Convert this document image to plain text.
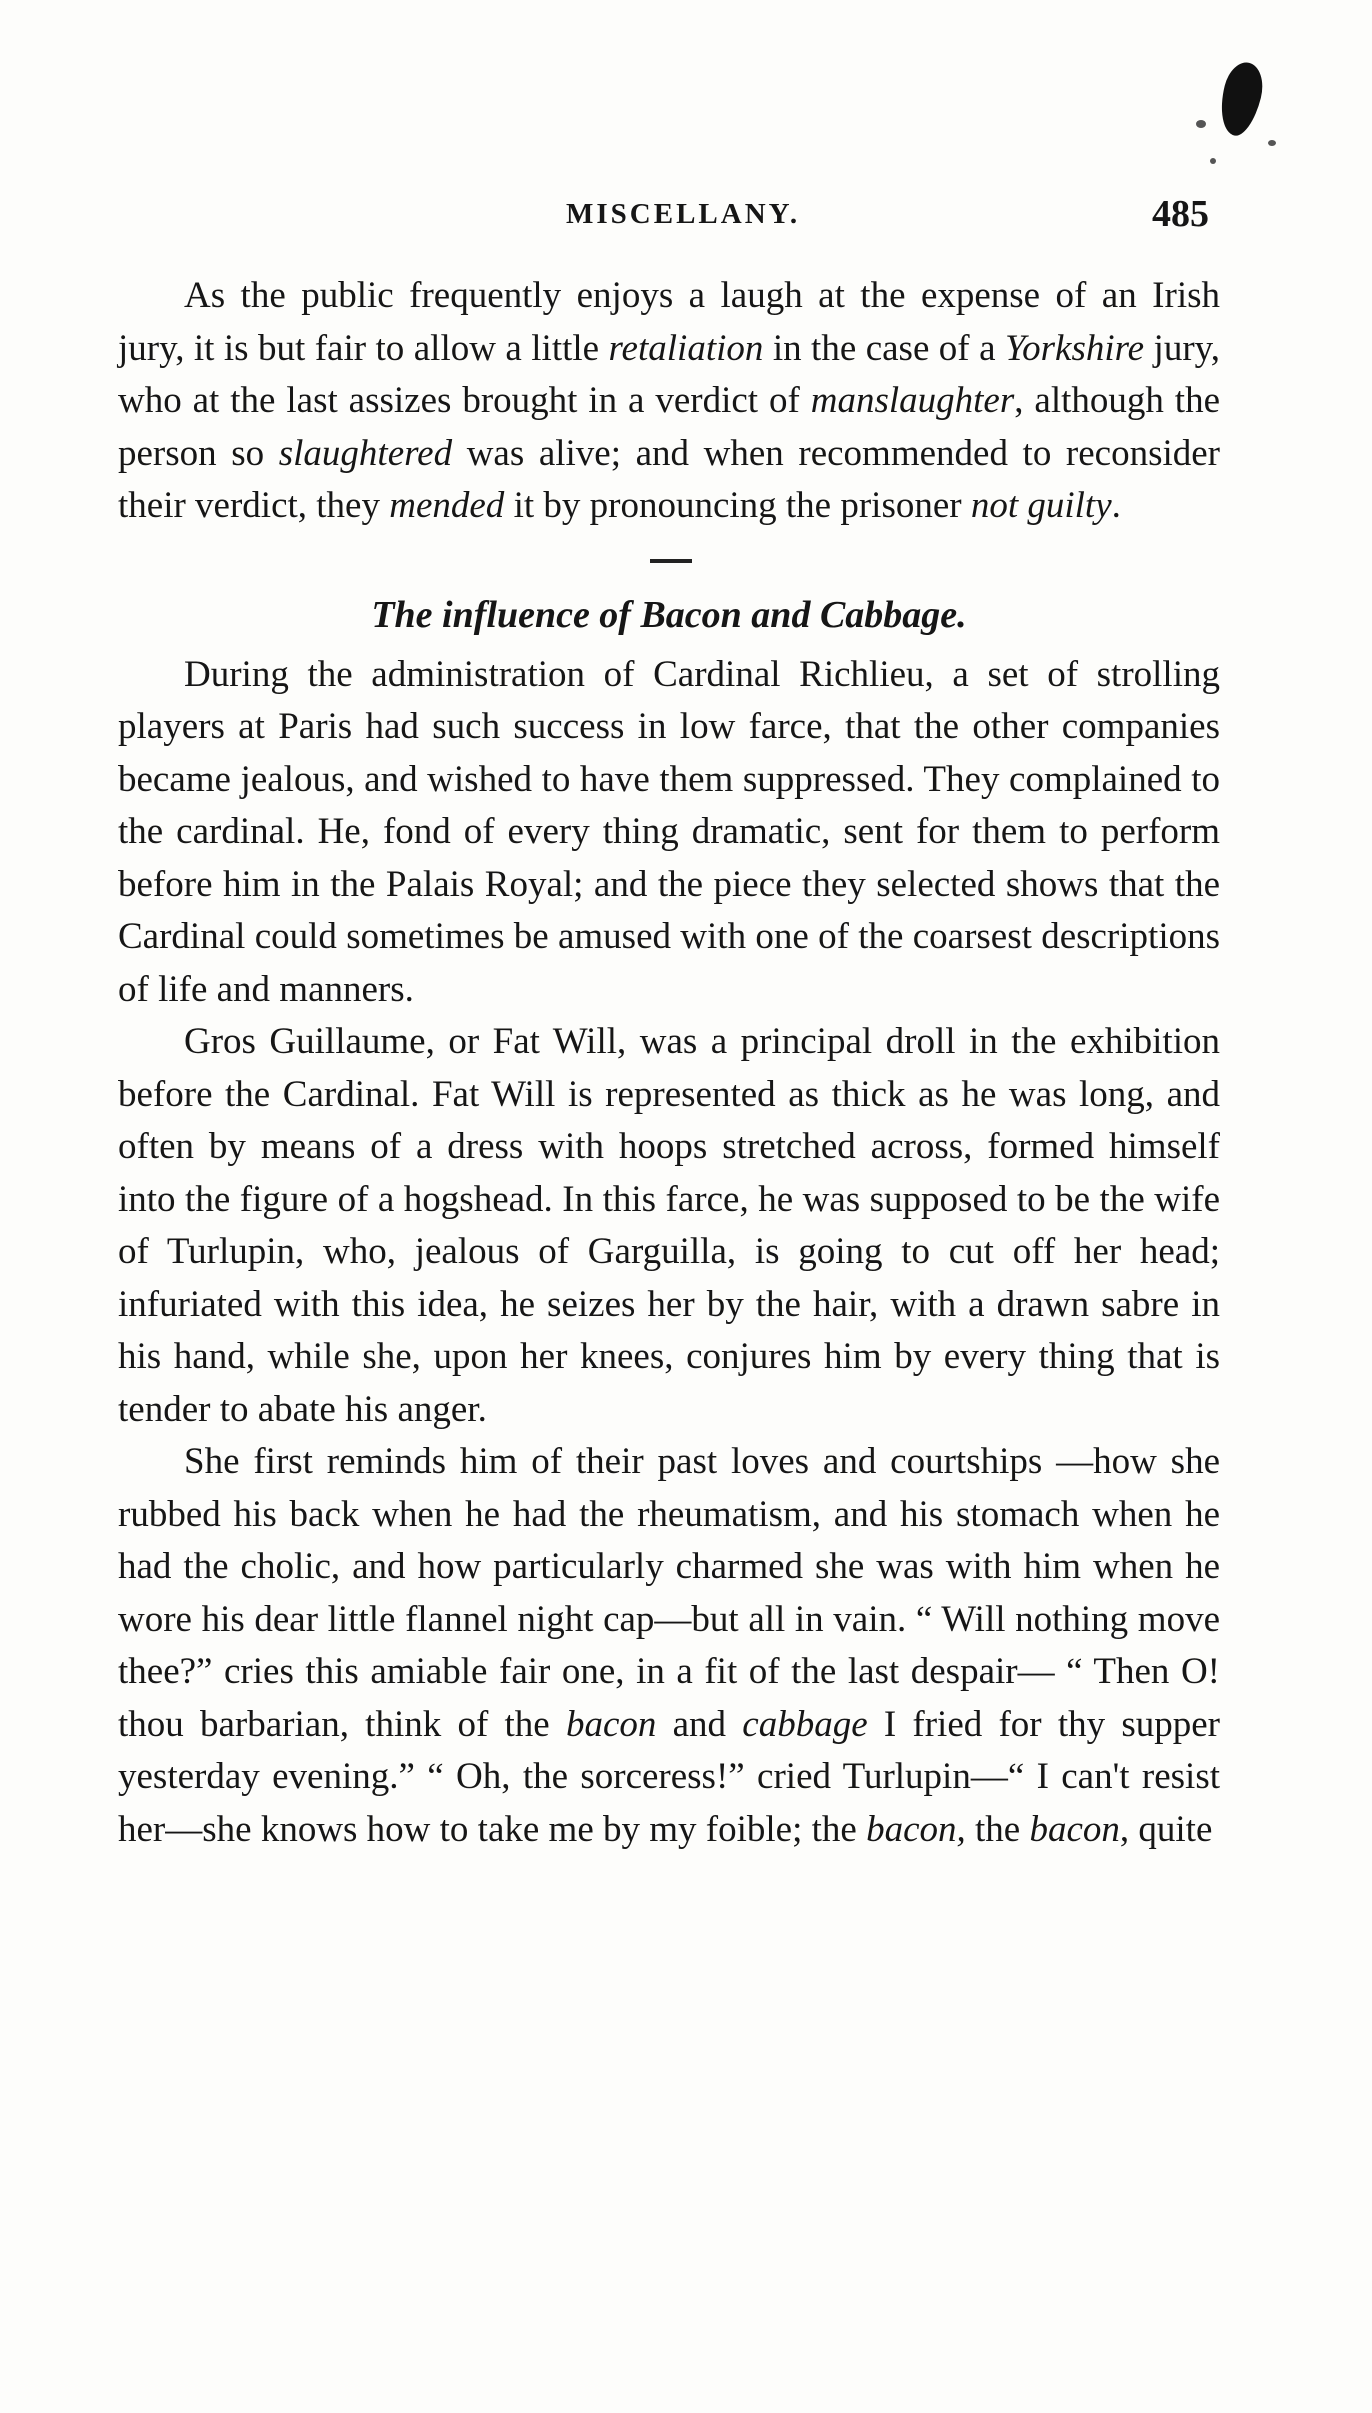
MISCELLANY.	485

As the public frequently enjoys a laugh at the expense of an Irish jury, it is but fair to allow a little retaliation in the case of a Yorkshire jury, who at the last assizes brought in a verdict of manslaughter, although the person so slaughtered was alive; and when recommended to reconsider their verdict, they mended it by pronouncing the prisoner not guilty.

The influence of Bacon and Cabbage.

During the administration of Cardinal Richlieu, a set of strolling players at Paris had such success in low farce, that the other companies became jealous, and wished to have them suppressed. They complained to the cardinal. He, fond of every thing dramatic, sent for them to perform before him in the Palais Royal; and the piece they selected shows that the Cardinal could sometimes be amused with one of the coarsest descriptions of life and manners.

Gros Guillaume, or Fat Will, was a principal droll in the exhibition before the Cardinal. Fat Will is represented as thick as he was long, and often by means of a dress with hoops stretched across, formed himself into the figure of a hogshead. In this farce, he was supposed to be the wife of Turlupin, who, jealous of Garguilla, is going to cut off her head; infuriated with this idea, he seizes her by the hair, with a drawn sabre in his hand, while she, upon her knees, conjures him by every thing that is tender to abate his anger.

She first reminds him of their past loves and courtships —how she rubbed his back when he had the rheumatism, and his stomach when he had the cholic, and how particularly charmed she was with him when he wore his dear little flannel night cap—but all in vain. “ Will nothing move thee?” cries this amiable fair one, in a fit of the last despair— “ Then O! thou barbarian, think of the bacon and cabbage I fried for thy supper yesterday evening.” “ Oh, the sorceress!” cried Turlupin—“ I can't resist her—she knows how to take me by my foible; the bacon, the bacon, quite
